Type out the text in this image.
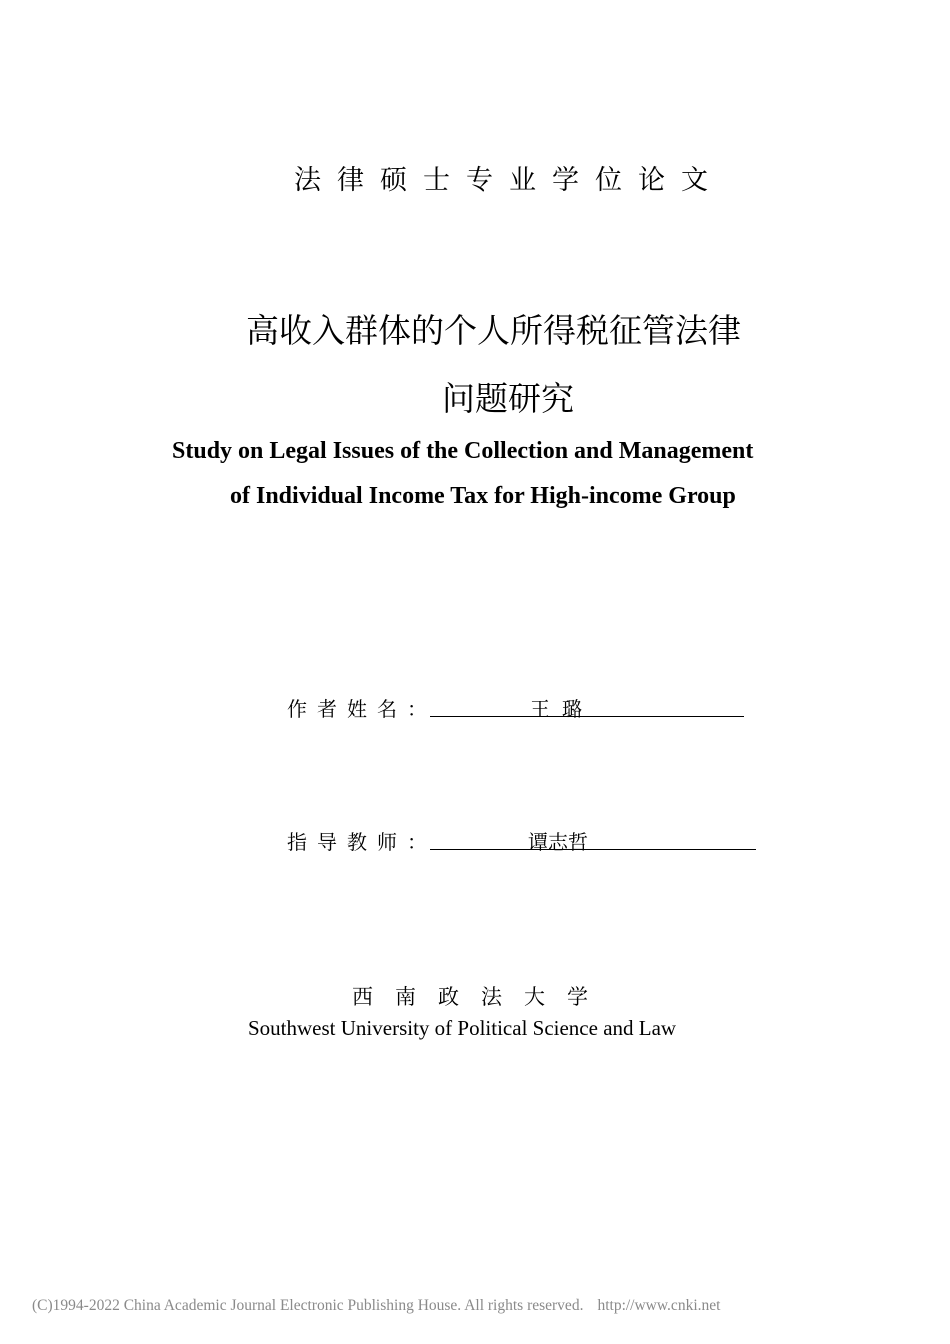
法律硕士专业学位论文
高收入群体的个人所得税征管法律
问题研究
Study on Legal Issues of the Collection and Management
of Individual Income Tax for High-income Group
作者姓名：	王璐
指导教师：	谭志哲
西南政法大学
Southwest University of Political Science and Law
(C)1994-2022 China Academic Journal Electronic Publishing House. All rights reserved. http://www.cnki.net
